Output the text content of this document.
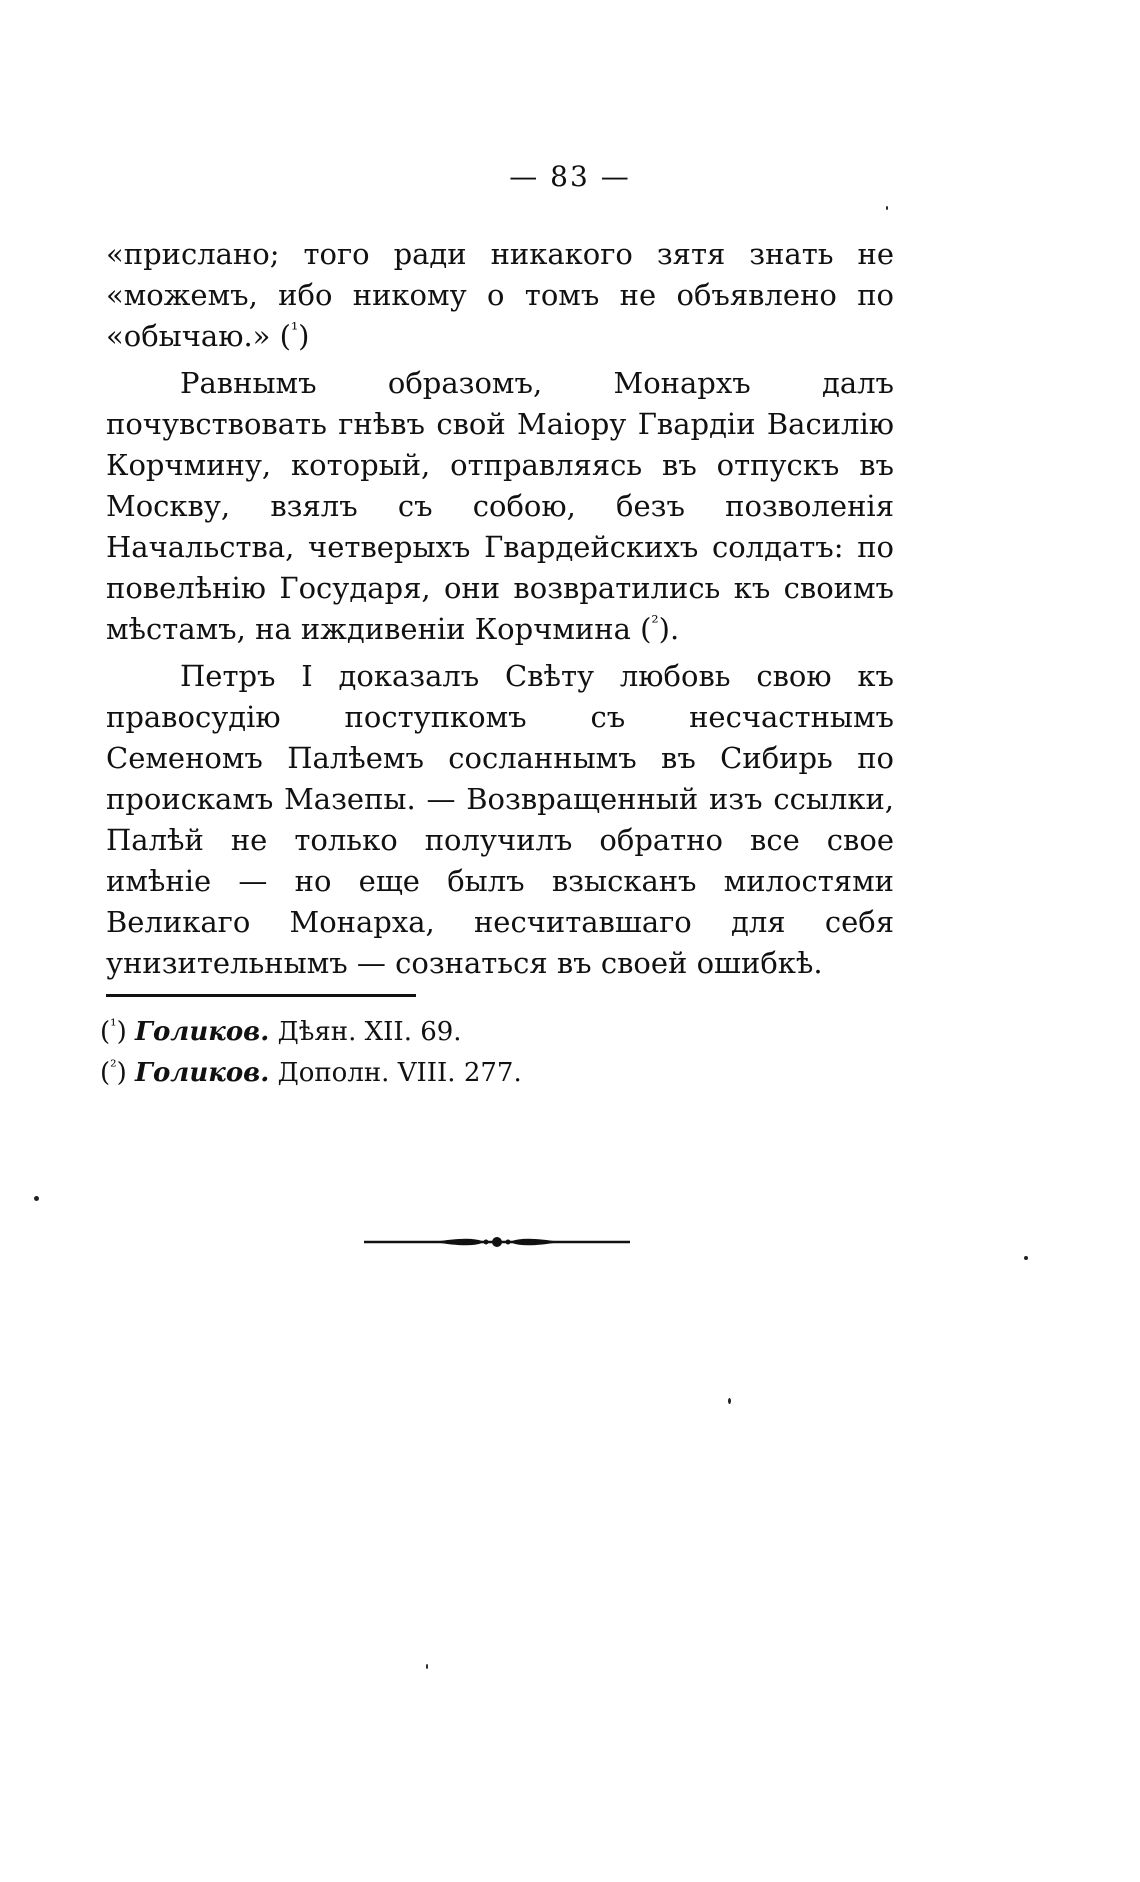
— 83 —

«прислано; того ради никакого зятя знать не «можемъ, ибо никому о томъ не объявлено по «обычаю.» ($^{^1}$)

Равнымъ образомъ, Монархъ далъ почувствовать гнѣвъ свой Маіору Гвардіи Василію Корчмину, который, отправляясь въ отпускъ въ Москву, взялъ съ собою, безъ позволенія Начальства, четверыхъ Гвардейскихъ солдатъ: по повелѣнію Государя, они возвратились къ своимъ мѣстамъ, на иждивеніи Корчмина ($^{^2}$).

Петръ I доказалъ Свѣту любовь свою къ правосудію поступкомъ съ несчастнымъ Семеномъ Палѣемъ сосланнымъ въ Сибирь по проискамъ Мазепы. — Возвращенный изъ ссылки, Палѣй не только получилъ обратно все свое имѣніе — но еще былъ взысканъ милостями Великаго Монарха, несчитавшаго для себя унизительнымъ — сознаться въ своей ошибкѣ.

($^{^1}$) Голиков. Дѣян. XII. 69.
($^{^2}$) Голиков. Дополн. VIII. 277.
